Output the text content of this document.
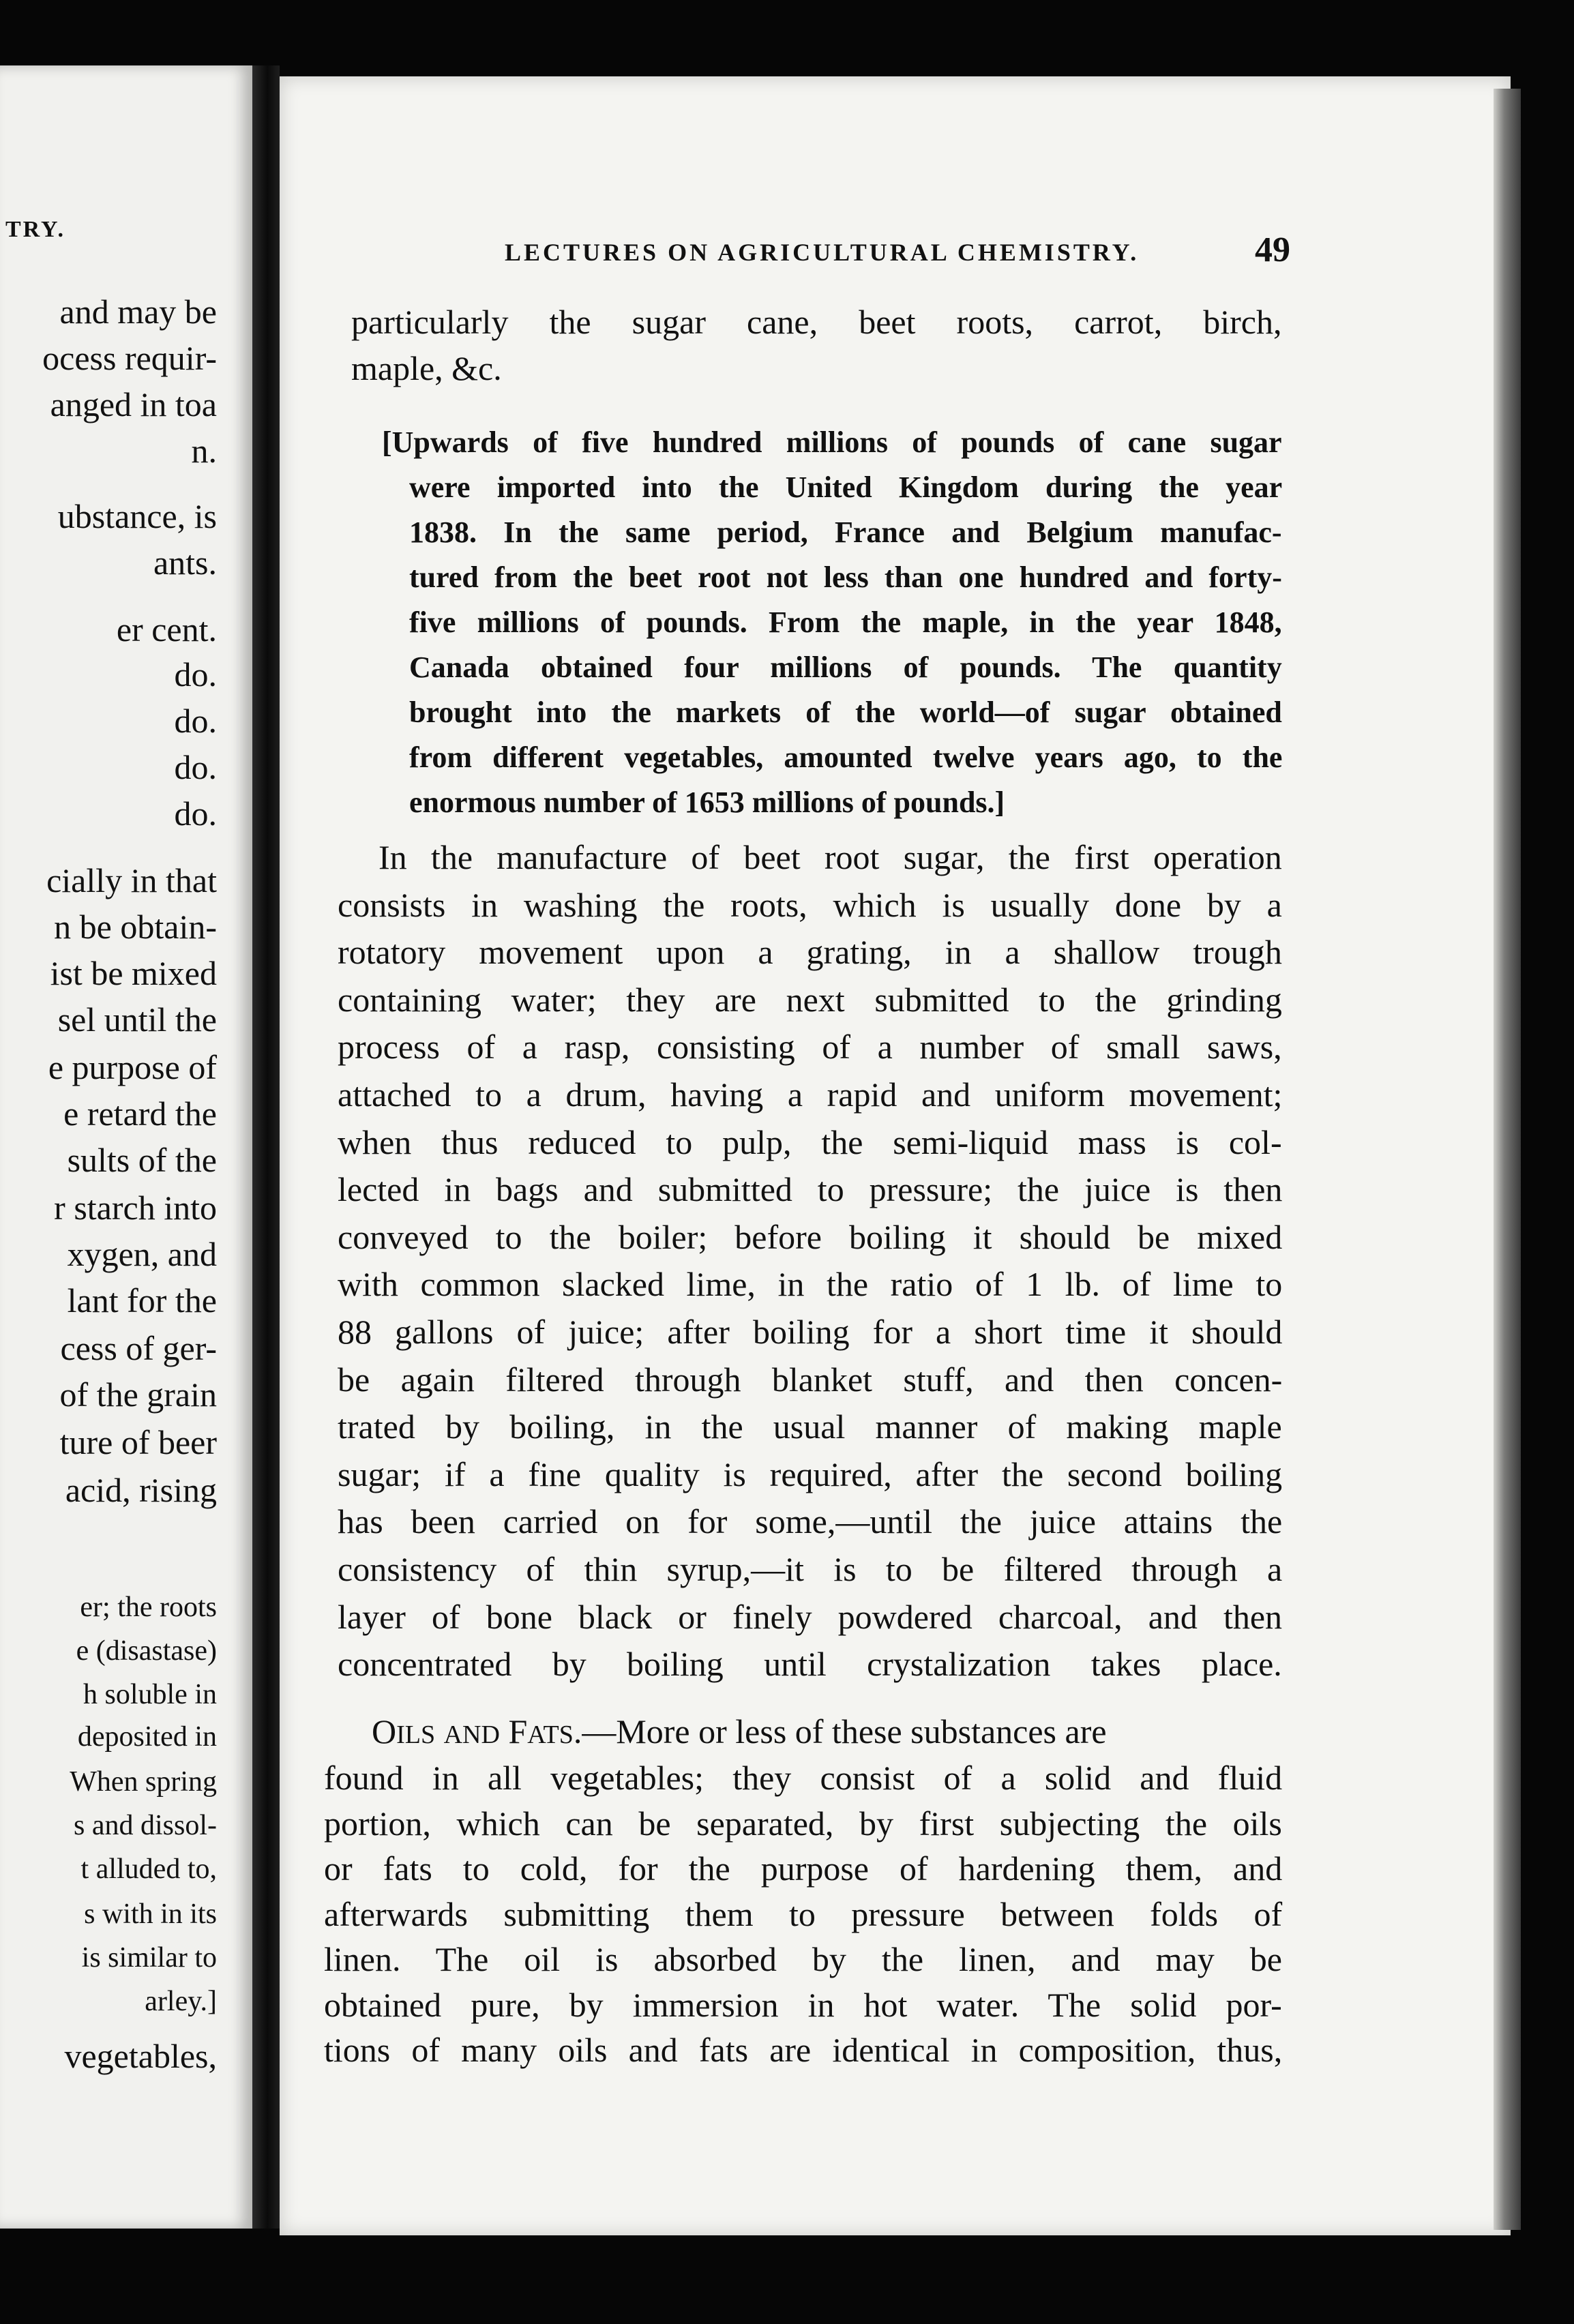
TRY.
and may be
ocess requir-
anged in toa
n.
ubstance, is
ants.
er cent.
do.
do.
do.
do.
cially in that
n be obtain-
ist be mixed
sel until the
e purpose of
e retard the
sults of the
r starch into
xygen, and
lant for the
cess of ger-
of the grain
ture of beer
acid, rising
er; the roots
e (disastase)
h soluble in
deposited in
When spring
s and dissol-
t alluded to,
s with in its
is similar to
arley.]
vegetables,
LECTURES ON AGRICULTURAL CHEMISTRY.	49
particularly the sugar cane, beet roots, carrot, birch,
maple, &c.
[Upwards of five hundred millions of pounds of cane sugar
were imported into the United Kingdom during the year
1838. In the same period, France and Belgium manufac-
tured from the beet root not less than one hundred and forty-
five millions of pounds. From the maple, in the year 1848,
Canada obtained four millions of pounds. The quantity
brought into the markets of the world—of sugar obtained
from different vegetables, amounted twelve years ago, to the
enormous number of 1653 millions of pounds.]
In the manufacture of beet root sugar, the first operation
consists in washing the roots, which is usually done by a
rotatory movement upon a grating, in a shallow trough
containing water; they are next submitted to the grinding
process of a rasp, consisting of a number of small saws,
attached to a drum, having a rapid and uniform movement;
when thus reduced to pulp, the semi-liquid mass is col-
lected in bags and submitted to pressure; the juice is then
conveyed to the boiler; before boiling it should be mixed
with common slacked lime, in the ratio of 1 lb. of lime to
88 gallons of juice; after boiling for a short time it should
be again filtered through blanket stuff, and then concen-
trated by boiling, in the usual manner of making maple
sugar; if a fine quality is required, after the second boiling
has been carried on for some,—until the juice attains the
consistency of thin syrup,—it is to be filtered through a
layer of bone black or finely powdered charcoal, and then
concentrated by boiling until crystalization takes place.
OILS AND FATS.—More or less of these substances are
found in all vegetables; they consist of a solid and fluid
portion, which can be separated, by first subjecting the oils
or fats to cold, for the purpose of hardening them, and
afterwards submitting them to pressure between folds of
linen. The oil is absorbed by the linen, and may be
obtained pure, by immersion in hot water. The solid por-
tions of many oils and fats are identical in composition, thus,
